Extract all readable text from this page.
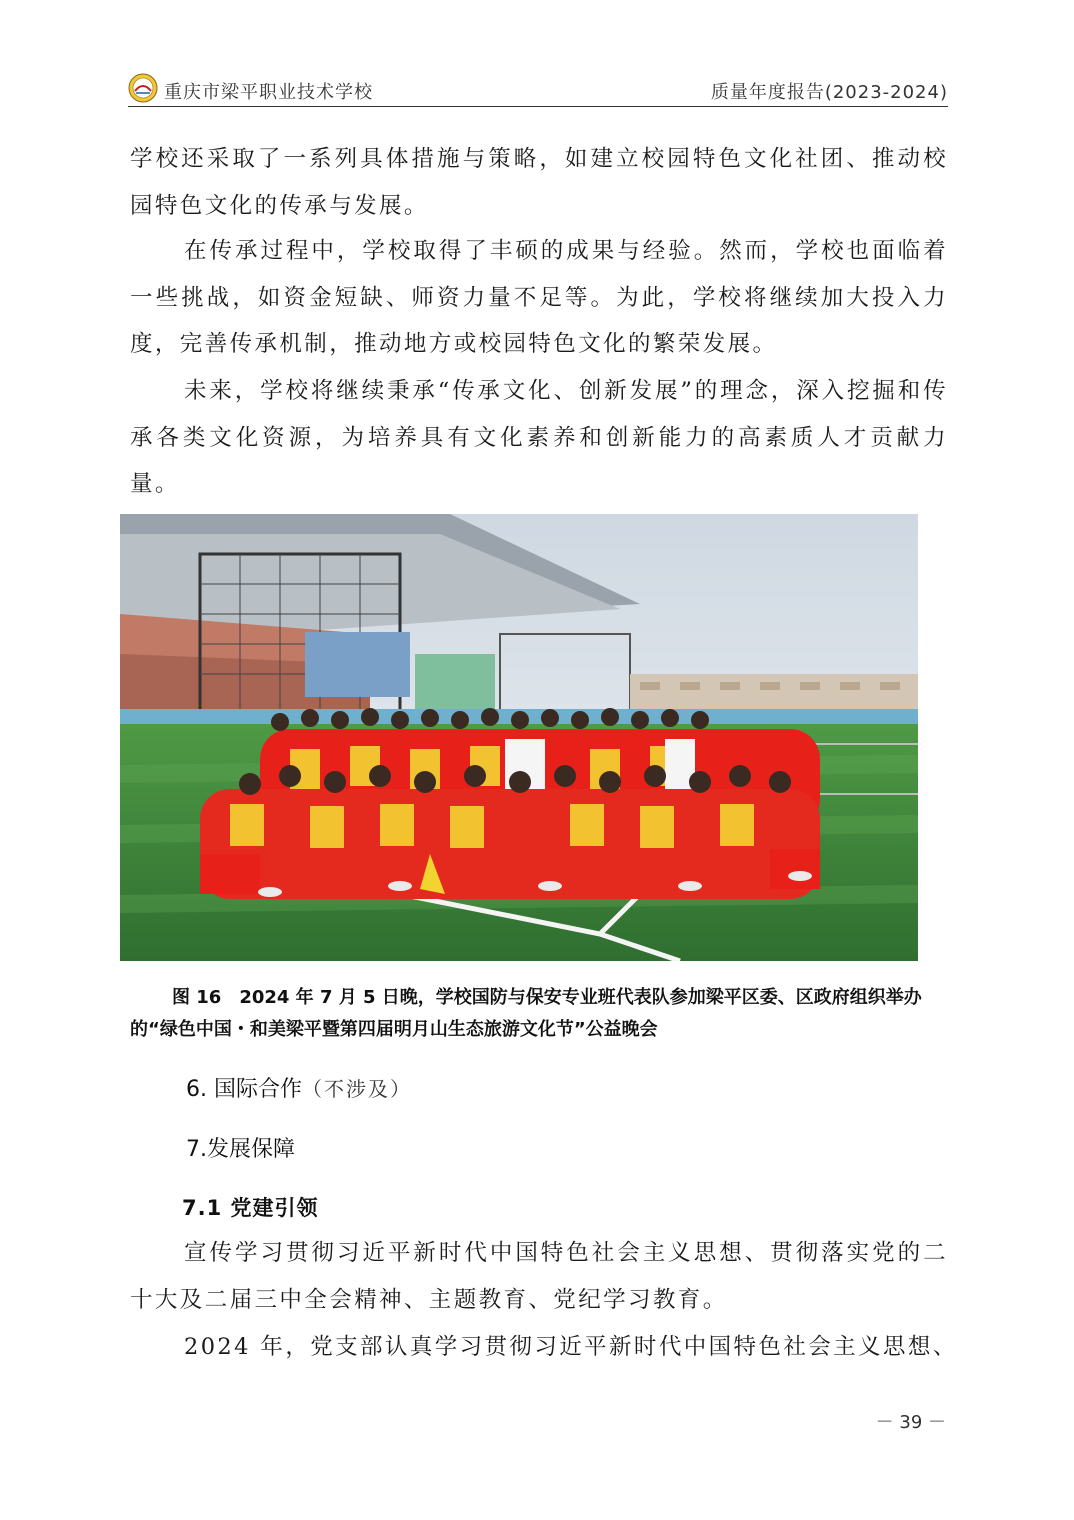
重庆市梁平职业技术学校	质量年度报告(2023-2024)

学校还采取了一系列具体措施与策略，如建立校园特色文化社团、推动校园特色文化的传承与发展。

在传承过程中，学校取得了丰硕的成果与经验。然而，学校也面临着一些挑战，如资金短缺、师资力量不足等。为此，学校将继续加大投入力度，完善传承机制，推动地方或校园特色文化的繁荣发展。

未来，学校将继续秉承“传承文化、创新发展”的理念，深入挖掘和传承各类文化资源，为培养具有文化素养和创新能力的高素质人才贡献力量。

图 16　2024 年 7 月 5 日晚，学校国防与保安专业班代表队参加梁平区委、区政府组织举办的“绿色中国・和美梁平暨第四届明月山生态旅游文化节”公益晚会

6. 国际合作（不涉及）
7.发展保障
7.1 党建引领

宣传学习贯彻习近平新时代中国特色社会主义思想、贯彻落实党的二十大及二届三中全会精神、主题教育、党纪学习教育。

2024 年，党支部认真学习贯彻习近平新时代中国特色社会主义思想、

－ 39 －
